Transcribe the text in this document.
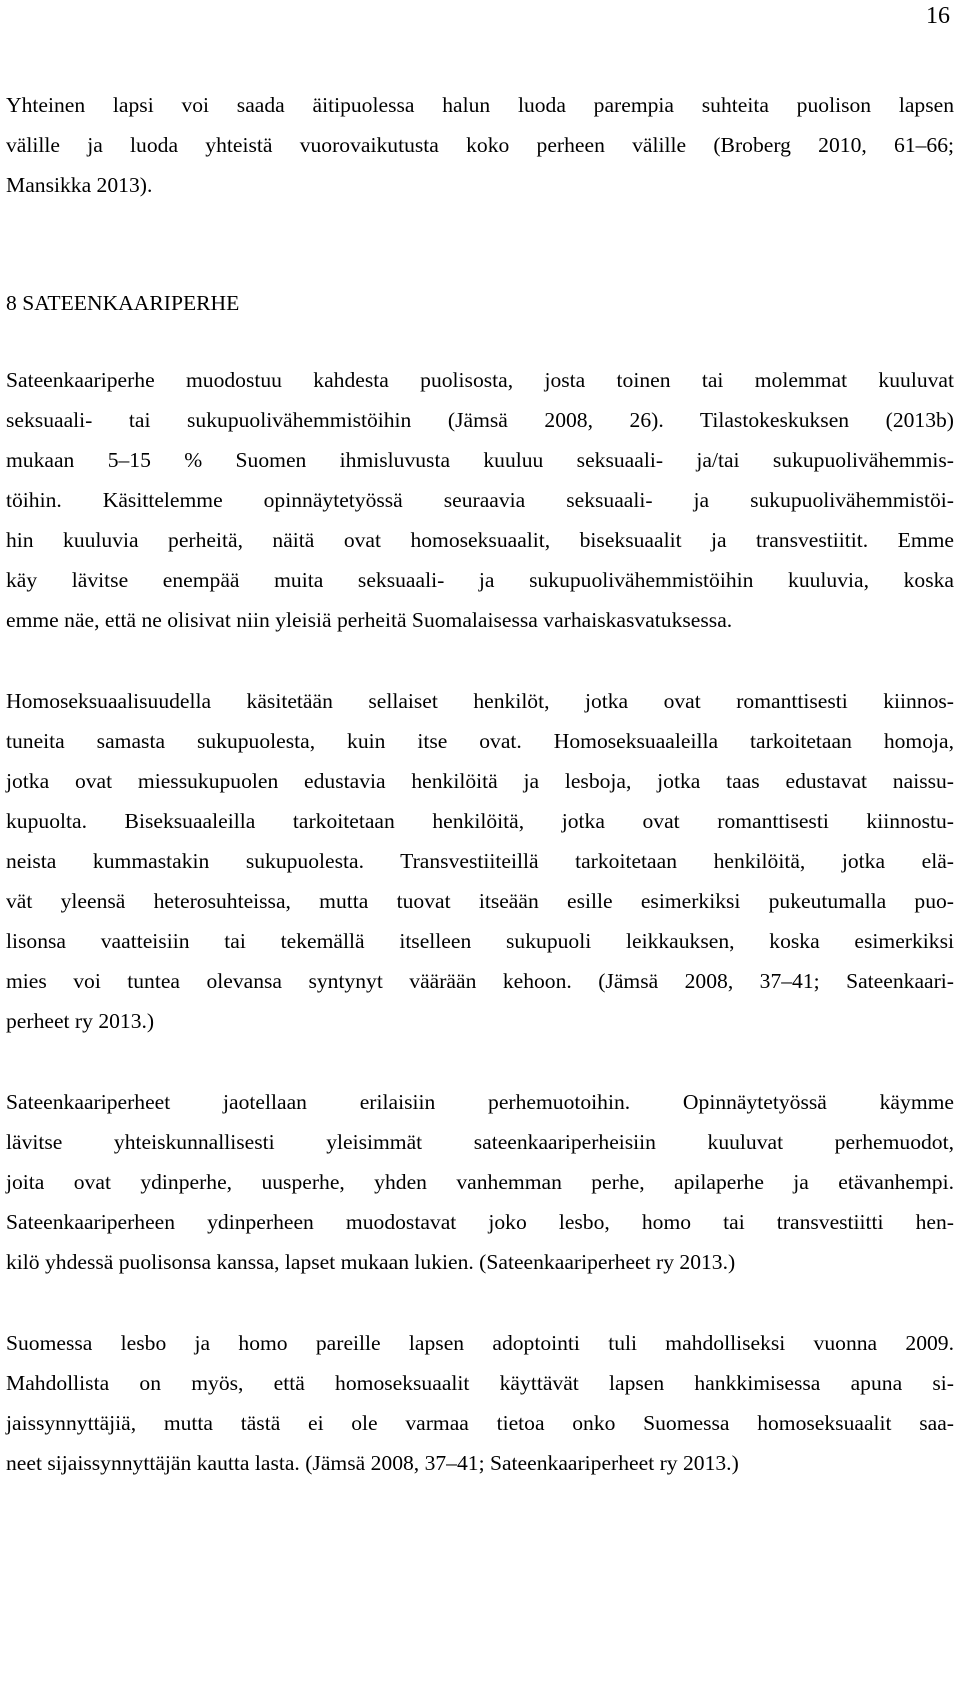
16
Yhteinen lapsi voi saada äitipuolessa halun luoda parempia suhteita puolison lapsen
välille ja luoda yhteistä vuorovaikutusta koko perheen välille (Broberg 2010, 61–66;
Mansikka 2013).
8 SATEENKAARIPERHE
Sateenkaariperhe muodostuu kahdesta puolisosta, josta toinen tai molemmat kuuluvat
seksuaali- tai sukupuolivähemmistöihin (Jämsä 2008, 26). Tilastokeskuksen (2013b)
mukaan 5–15 % Suomen ihmisluvusta kuuluu seksuaali- ja/tai sukupuolivähemmis-
töihin. Käsittelemme opinnäytetyössä seuraavia seksuaali- ja sukupuolivähemmistöi-
hin kuuluvia perheitä, näitä ovat homoseksuaalit, biseksuaalit ja transvestiitit. Emme
käy lävitse enempää muita seksuaali- ja sukupuolivähemmistöihin kuuluvia, koska
emme näe, että ne olisivat niin yleisiä perheitä Suomalaisessa varhaiskasvatuksessa.
Homoseksuaalisuudella käsitetään sellaiset henkilöt, jotka ovat romanttisesti kiinnos-
tuneita samasta sukupuolesta, kuin itse ovat. Homoseksuaaleilla tarkoitetaan homoja,
jotka ovat miessukupuolen edustavia henkilöitä ja lesboja, jotka taas edustavat naissu-
kupuolta. Biseksuaaleilla tarkoitetaan henkilöitä, jotka ovat romanttisesti kiinnostu-
neista kummastakin sukupuolesta. Transvestiiteillä tarkoitetaan henkilöitä, jotka elä-
vät yleensä heterosuhteissa, mutta tuovat itseään esille esimerkiksi pukeutumalla puo-
lisonsa vaatteisiin tai tekemällä itselleen sukupuoli leikkauksen, koska esimerkiksi
mies voi tuntea olevansa syntynyt väärään kehoon. (Jämsä 2008, 37–41; Sateenkaari-
perheet ry 2013.)
Sateenkaariperheet jaotellaan erilaisiin perhemuotoihin. Opinnäytetyössä käymme
lävitse yhteiskunnallisesti yleisimmät sateenkaariperheisiin kuuluvat perhemuodot,
joita ovat ydinperhe, uusperhe, yhden vanhemman perhe, apilaperhe ja etävanhempi.
Sateenkaariperheen ydinperheen muodostavat joko lesbo, homo tai transvestiitti hen-
kilö yhdessä puolisonsa kanssa, lapset mukaan lukien. (Sateenkaariperheet ry 2013.)
Suomessa lesbo ja homo pareille lapsen adoptointi tuli mahdolliseksi vuonna 2009.
Mahdollista on myös, että homoseksuaalit käyttävät lapsen hankkimisessa apuna si-
jaissynnyttäjiä, mutta tästä ei ole varmaa tietoa onko Suomessa homoseksuaalit saa-
neet sijaissynnyttäjän kautta lasta. (Jämsä 2008, 37–41; Sateenkaariperheet ry 2013.)
